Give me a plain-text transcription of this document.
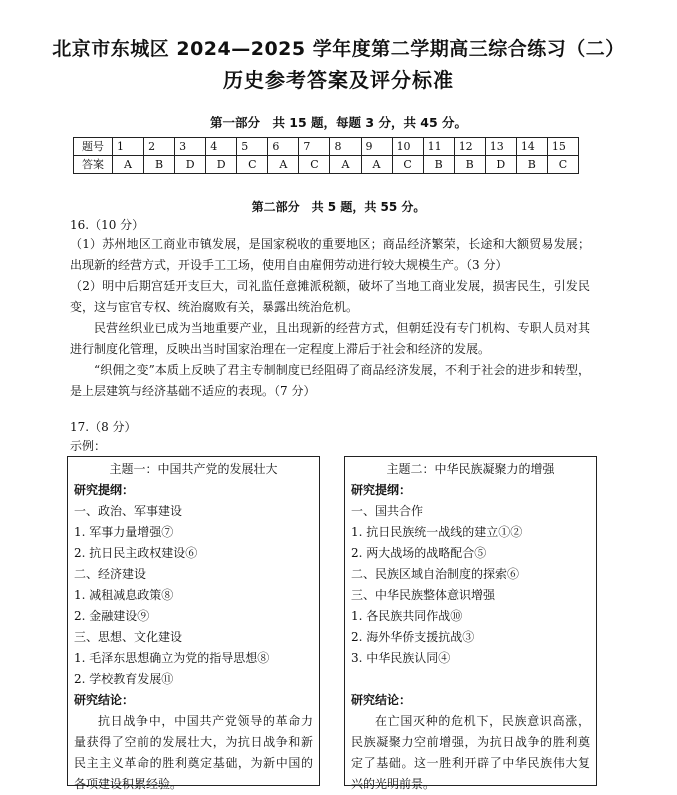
北京市东城区 2024—2025 学年度第二学期高三综合练习（二）
历史参考答案及评分标准
第一部分　共 15 题，每题 3 分，共 45 分。
题号	1	2	3	4	5	6	7	8	9	10	11	12	13	14	15
答案	A	B	D	D	C	A	C	A	A	C	B	B	D	B	C
第二部分　共 5 题，共 55 分。
16.（10 分）
（1）苏州地区工商业市镇发展，是国家税收的重要地区；商品经济繁荣，长途和大额贸易发展；出现新的经营方式，开设手工工场，使用自由雇佣劳动进行较大规模生产。（3 分）
（2）明中后期宫廷开支巨大，司礼监任意摊派税额，破坏了当地工商业发展，损害民生，引发民变，这与宦官专权、统治腐败有关，暴露出统治危机。
民营丝织业已成为当地重要产业，且出现新的经营方式，但朝廷没有专门机构、专职人员对其进行制度化管理，反映出当时国家治理在一定程度上滞后于社会和经济的发展。
“织佣之变”本质上反映了君主专制制度已经阻碍了商品经济发展，不利于社会的进步和转型，是上层建筑与经济基础不适应的表现。（7 分）
17.（8 分）
示例：
主题一：中国共产党的发展壮大
研究提纲：
一、政治、军事建设
1. 军事力量增强⑦
2. 抗日民主政权建设⑥
二、经济建设
1. 减租减息政策⑧
2. 金融建设⑨
三、思想、文化建设
1. 毛泽东思想确立为党的指导思想⑧
2. 学校教育发展⑪
研究结论：
抗日战争中，中国共产党领导的革命力量获得了空前的发展壮大，为抗日战争和新民主主义革命的胜利奠定基础，为新中国的各项建设积累经验。
主题二：中华民族凝聚力的增强
研究提纲：
一、国共合作
1. 抗日民族统一战线的建立①②
2. 两大战场的战略配合⑤
二、民族区域自治制度的探索⑥
三、中华民族整体意识增强
1. 各民族共同作战⑩
2. 海外华侨支援抗战③
3. 中华民族认同④
研究结论：
在亡国灭种的危机下，民族意识高涨，民族凝聚力空前增强，为抗日战争的胜利奠定了基础。这一胜利开辟了中华民族伟大复兴的光明前景。
